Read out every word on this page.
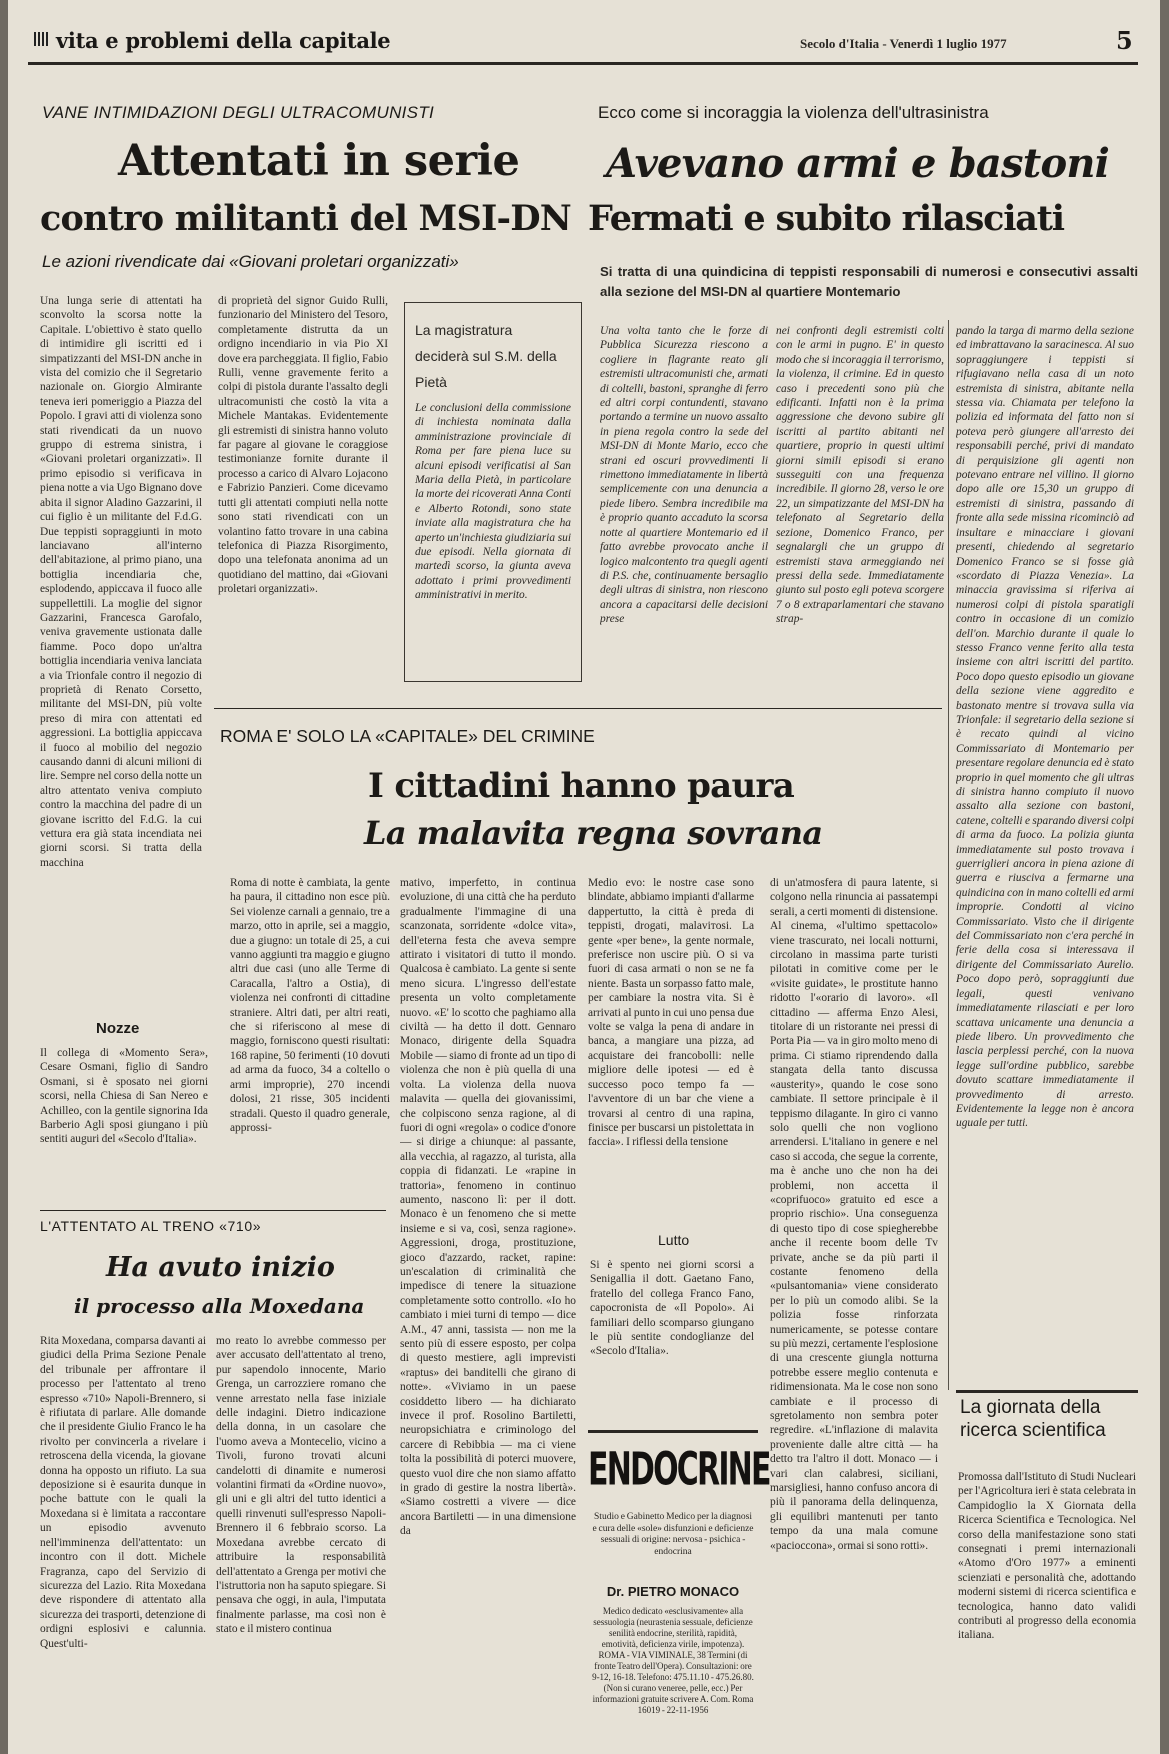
vita e problemi della capitale	Secolo d'Italia - Venerdì 1 luglio 1977	5
VANE INTIMIDAZIONI DEGLI ULTRACOMUNISTI
Attentati in serie
contro militanti del MSI-DN
Le azioni rivendicate dai «Giovani proletari organizzati»
Ecco come si incoraggia la violenza dell'ultrasinistra
Avevano armi e bastoni
Fermati e subito rilasciati
Si tratta di una quindicina di teppisti responsabili di numerosi e consecutivi assalti alla sezione del MSI-DN al quartiere Montemario
Una lunga serie di attentati ha sconvolto la scorsa notte la Capitale. L'obiettivo è stato quello di intimidire gli iscritti ed i simpatizzanti del MSI-DN anche in vista del comizio che il Segretario nazionale on. Giorgio Almirante teneva ieri pomeriggio a Piazza del Popolo. I gravi atti di violenza sono stati rivendicati da un nuovo gruppo di estrema sinistra, i «Giovani proletari organizzati». Il primo episodio si verificava in piena notte a via Ugo Bignano dove abita il signor Aladino Gazzarini, il cui figlio è un militante del F.d.G. Due teppisti sopraggiunti in moto lanciavano all'interno dell'abitazione, al primo piano, una bottiglia incendiaria che, esplodendo, appiccava il fuoco alle suppellettili. La moglie del signor Gazzarini, Francesca Garofalo, veniva gravemente ustionata dalle fiamme. Poco dopo un'altra bottiglia incendiaria veniva lanciata a via Trionfale contro il negozio di proprietà di Renato Corsetto, militante del MSI-DN, più volte preso di mira con attentati ed aggressioni. La bottiglia appiccava il fuoco al mobilio del negozio causando danni di alcuni milioni di lire. Sempre nel corso della notte un altro attentato veniva compiuto contro la macchina del padre di un giovane iscritto del F.d.G. la cui vettura era già stata incendiata nei giorni scorsi. Si tratta della macchina
di proprietà del signor Guido Rulli, funzionario del Ministero del Tesoro, completamente distrutta da un ordigno incendiario in via Pio XI dove era parcheggiata. Il figlio, Fabio Rulli, venne gravemente ferito a colpi di pistola durante l'assalto degli ultracomunisti che costò la vita a Michele Mantakas. Evidentemente gli estremisti di sinistra hanno voluto far pagare al giovane le coraggiose testimonianze fornite durante il processo a carico di Alvaro Lojacono e Fabrizio Panzieri. Come dicevamo tutti gli attentati compiuti nella notte sono stati rivendicati con un volantino fatto trovare in una cabina telefonica di Piazza Risorgimento, dopo una telefonata anonima ad un quotidiano del mattino, dai «Giovani proletari organizzati».
La magistratura deciderà sul S.M. della Pietà
Le conclusioni della commissione di inchiesta nominata dalla amministrazione provinciale di Roma per fare piena luce su alcuni episodi verificatisi al San Maria della Pietà, in particolare la morte dei ricoverati Anna Conti e Alberto Rotondi, sono state inviate alla magistratura che ha aperto un'inchiesta giudiziaria sui due episodi. Nella giornata di martedì scorso, la giunta aveva adottato i primi provvedimenti amministrativi in merito.
Una volta tanto che le forze di Pubblica Sicurezza riescono a cogliere in flagrante reato gli estremisti ultracomunisti che, armati di coltelli, bastoni, spranghe di ferro ed altri corpi contundenti, stavano portando a termine un nuovo assalto in piena regola contro la sede del MSI-DN di Monte Mario, ecco che strani ed oscuri provvedimenti li rimettono immediatamente in libertà semplicemente con una denuncia a piede libero. Sembra incredibile ma è proprio quanto accaduto la scorsa notte al quartiere Montemario ed il fatto avrebbe provocato anche il logico malcontento tra quegli agenti di P.S. che, continuamente bersaglio degli ultras di sinistra, non riescono ancora a capacitarsi delle decisioni prese
nei confronti degli estremisti colti con le armi in pugno. E' in questo modo che si incoraggia il terrorismo, la violenza, il crimine. Ed in questo caso i precedenti sono più che edificanti. Infatti non è la prima aggressione che devono subire gli iscritti al partito abitanti nel quartiere, proprio in questi ultimi giorni simili episodi si erano susseguiti con una frequenza incredibile. Il giorno 28, verso le ore 22, un simpatizzante del MSI-DN ha telefonato al Segretario della sezione, Domenico Franco, per segnalargli che un gruppo di estremisti stava armeggiando nei pressi della sede. Immediatamente giunto sul posto egli poteva scorgere 7 o 8 extraparlamentari che stavano strap-
pando la targa di marmo della sezione ed imbrattavano la saracinesca. Al suo sopraggiungere i teppisti si rifugiavano nella casa di un noto estremista di sinistra, abitante nella stessa via. Chiamata per telefono la polizia ed informata del fatto non si poteva però giungere all'arresto dei responsabili perché, privi di mandato di perquisizione gli agenti non potevano entrare nel villino. Il giorno dopo alle ore 15,30 un gruppo di estremisti di sinistra, passando di fronte alla sede missina ricominciò ad insultare e minacciare i giovani presenti, chiedendo al segretario Domenico Franco se si fosse già «scordato di Piazza Venezia». La minaccia gravissima si riferiva ai numerosi colpi di pistola sparatigli contro in occasione di un comizio dell'on. Marchio durante il quale lo stesso Franco venne ferito alla testa insieme con altri iscritti del partito. Poco dopo questo episodio un giovane della sezione viene aggredito e bastonato mentre si trovava sulla via Trionfale: il segretario della sezione si è recato quindi al vicino Commissariato di Montemario per presentare regolare denuncia ed è stato proprio in quel momento che gli ultras di sinistra hanno compiuto il nuovo assalto alla sezione con bastoni, catene, coltelli e sparando diversi colpi di arma da fuoco. La polizia giunta immediatamente sul posto trovava i guerriglieri ancora in piena azione di guerra e riusciva a fermarne una quindicina con in mano coltelli ed armi improprie. Condotti al vicino Commissariato. Visto che il dirigente del Commissariato non c'era perché in ferie della cosa si interessava il dirigente del Commissariato Aurelio. Poco dopo però, sopraggiunti due legali, questi venivano immediatamente rilasciati e per loro scattava unicamente una denuncia a piede libero. Un provvedimento che lascia perplessi perché, con la nuova legge sull'ordine pubblico, sarebbe dovuto scattare immediatamente il provvedimento di arresto. Evidentemente la legge non è ancora uguale per tutti.
ROMA E' SOLO LA «CAPITALE» DEL CRIMINE
I cittadini hanno paura
La malavita regna sovrana
Roma di notte è cambiata, la gente ha paura, il cittadino non esce più. Sei violenze carnali a gennaio, tre a marzo, otto in aprile, sei a maggio, due a giugno: un totale di 25, a cui vanno aggiunti tra maggio e giugno altri due casi (uno alle Terme di Caracalla, l'altro a Ostia), di violenza nei confronti di cittadine straniere. Altri dati, per altri reati, che si riferiscono al mese di maggio, forniscono questi risultati: 168 rapine, 50 ferimenti (10 dovuti ad arma da fuoco, 34 a coltello o armi improprie), 270 incendi dolosi, 21 risse, 305 incidenti stradali. Questo il quadro generale, approssi-
mativo, imperfetto, in continua evoluzione, di una città che ha perduto gradualmente l'immagine di una scanzonata, sorridente «dolce vita», dell'eterna festa che aveva sempre attirato i visitatori di tutto il mondo. Qualcosa è cambiato. La gente si sente meno sicura. L'ingresso dell'estate presenta un volto completamente nuovo. «E' lo scotto che paghiamo alla civiltà — ha detto il dott. Gennaro Monaco, dirigente della Squadra Mobile — siamo di fronte ad un tipo di violenza che non è più quella di una volta. La violenza della nuova malavita — quella dei giovanissimi, che colpiscono senza ragione, al di fuori di ogni «regola» o codice d'onore — si dirige a chiunque: al passante, alla vecchia, al ragazzo, al turista, alla coppia di fidanzati. Le «rapine in trattoria», fenomeno in continuo aumento, nascono lì: per il dott. Monaco è un fenomeno che si mette insieme e si va, così, senza ragione». Aggressioni, droga, prostituzione, gioco d'azzardo, racket, rapine: un'escalation di criminalità che impedisce di tenere la situazione completamente sotto controllo. «Io ho cambiato i miei turni di tempo — dice A.M., 47 anni, tassista — non me la sento più di essere esposto, per colpa di questo mestiere, agli imprevisti «raptus» dei banditelli che girano di notte». «Viviamo in un paese cosiddetto libero — ha dichiarato invece il prof. Rosolino Bartiletti, neuropsichiatra e criminologo del carcere di Rebibbia — ma ci viene tolta la possibilità di poterci muovere, questo vuol dire che non siamo affatto in grado di gestire la nostra libertà». «Siamo costretti a vivere — dice ancora Bartiletti — in una dimensione da
Medio evo: le nostre case sono blindate, abbiamo impianti d'allarme dappertutto, la città è preda di teppisti, drogati, malaviтosi. La gente «per bene», la gente normale, preferisce non uscire più. O si va fuori di casa armati o non se ne fa niente. Basta un sorpasso fatto male, per cambiare la nostra vita. Si è arrivati al punto in cui uno pensa due volte se valga la pena di andare in banca, a mangiare una pizza, ad acquistare dei francobolli: nelle migliore delle ipotesi — ed è successo poco tempo fa — l'avventore di un bar che viene a trovarsi al centro di una rapina, finisce per buscarsi un pistolettata in faccia». I riflessi della tensione
di un'atmosfera di paura latente, si colgono nella rinuncia ai passatempi serali, a certi momenti di distensione. Al cinema, «l'ultimo spettacolo» viene trascurato, nei locali notturni, circolano in massima parte turisti pilotati in comitive come per le «visite guidate», le prostitute hanno ridotto l'«orario di lavoro». «Il cittadino — afferma Enzo Alesi, titolare di un ristorante nei pressi di Porta Pia — va in giro molto meno di prima. Ci stiamo riprendendo dalla stangata della tanto discussa «austerity», quando le cose sono cambiate. Il settore principale è il teppismo dilagante. In giro ci vanno solo quelli che non vogliono arrendersi. L'italiano in genere e nel caso si accoda, che segue la corrente, ma è anche uno che non ha dei problemi, non accetta il «coprifuoco» gratuito ed esce a proprio rischio». Una conseguenza di questo tipo di cose spiegherebbe anche il recente boom delle Tv private, anche se da più parti il costante fenomeno della «pulsantomania» viene considerato per lo più un comodo alibi. Se la polizia fosse rinforzata numericamente, se potesse contare su più mezzi, certamente l'esplosione di una crescente giungla notturna potrebbe essere meglio contenuta e ridimensionata. Ma le cose non sono cambiate e il processo di sgretolamento non sembra poter regredire. «L'inflazione di malavita proveniente dalle altre città — ha detto tra l'altro il dott. Monaco — i vari clan calabresi, siciliani, marsigliesi, hanno confuso ancora di più il panorama della delinquenza, gli equilibri mantenuti per tanto tempo da una mala comune «pacioccona», ormai si sono rotti».
Nozze
Il collega di «Momento Sera», Cesare Osmani, figlio di Sandro Osmani, si è sposato nei giorni scorsi, nella Chiesa di San Nereo e Achilleo, con la gentile signorina Ida Barberio Agli sposi giungano i più sentiti auguri del «Secolo d'Italia».
Lutto
Si è spento nei giorni scorsi a Senigallia il dott. Gaetano Fano, fratello del collega Franco Fano, capocronista de «Il Popolo». Ai familiari dello scomparso giungano le più sentite condoglianze del «Secolo d'Italia».
ENDOCRINE
Studio e Gabinetto Medico per la diagnosi e cura delle «sole» disfunzioni e deficienze sessuali di origine: nervosa - psichica - endocrina
Dr. PIETRO MONACO
Medico dedicato «esclusivamente» alla sessuologia (neurastenia sessuale, deficienze senilità endocrine, sterilità, rapidità, emotività, deficienza virile, impotenza). ROMA - VIA VIMINALE, 38 Termini (di fronte Teatro dell'Opera). Consultazioni: ore 9-12, 16-18. Telefono: 475.11.10 - 475.26.80. (Non si curano veneree, pelle, ecc.) Per informazioni gratuite scrivere A. Com. Roma 16019 - 22-11-1956
L'ATTENTATO AL TRENO «710»
Ha avuto inizio
il processo alla Moxedana
Rita Moxedana, comparsa davanti ai giudici della Prima Sezione Penale del tribunale per affrontare il processo per l'attentato al treno espresso «710» Napoli-Brennero, si è rifiutata di parlare. Alle domande che il presidente Giulio Franco le ha rivolto per convincerla a rivelare i retroscena della vicenda, la giovane donna ha opposto un rifiuto. La sua deposizione si è esaurita dunque in poche battute con le quali la Moxedana si è limitata a raccontare un episodio avvenuto nell'imminenza dell'attentato: un incontro con il dott. Michele Fragranza, capo del Servizio di sicurezza del Lazio. Rita Moxedana deve rispondere di attentato alla sicurezza dei trasporti, detenzione di ordigni esplosivi e calunnia. Quest'ulti-
mo reato lo avrebbe commesso per aver accusato dell'attentato al treno, pur sapendolo innocente, Mario Grenga, un carrozziere romano che venne arrestato nella fase iniziale delle indagini. Dietro indicazione della donna, in un casolare che l'uomo aveva a Montecelio, vicino a Tivoli, furono trovati alcuni candelotti di dinamite e numerosi volantini firmati da «Ordine nuovo», gli uni e gli altri del tutto identici a quelli rinvenuti sull'espresso Napoli-Brennero il 6 febbraio scorso. La Moxedana avrebbe cercato di attribuire la responsabilità dell'attentato a Grenga per motivi che l'istruttoria non ha saputo spiegare. Si pensava che oggi, in aula, l'imputata finalmente parlasse, ma così non è stato e il mistero continua
La giornata della ricerca scientifica
Promossa dall'Istituto di Studi Nucleari per l'Agricoltura ieri è stata celebrata in Campidoglio la X Giornata della Ricerca Scientifica e Tecnologica. Nel corso della manifestazione sono stati consegnati i premi internazionali «Atomo d'Oro 1977» a eminenti scienziati e personalità che, adottando moderni sistemi di ricerca scientifica e tecnologica, hanno dato validi contributi al progresso della economia italiana.
